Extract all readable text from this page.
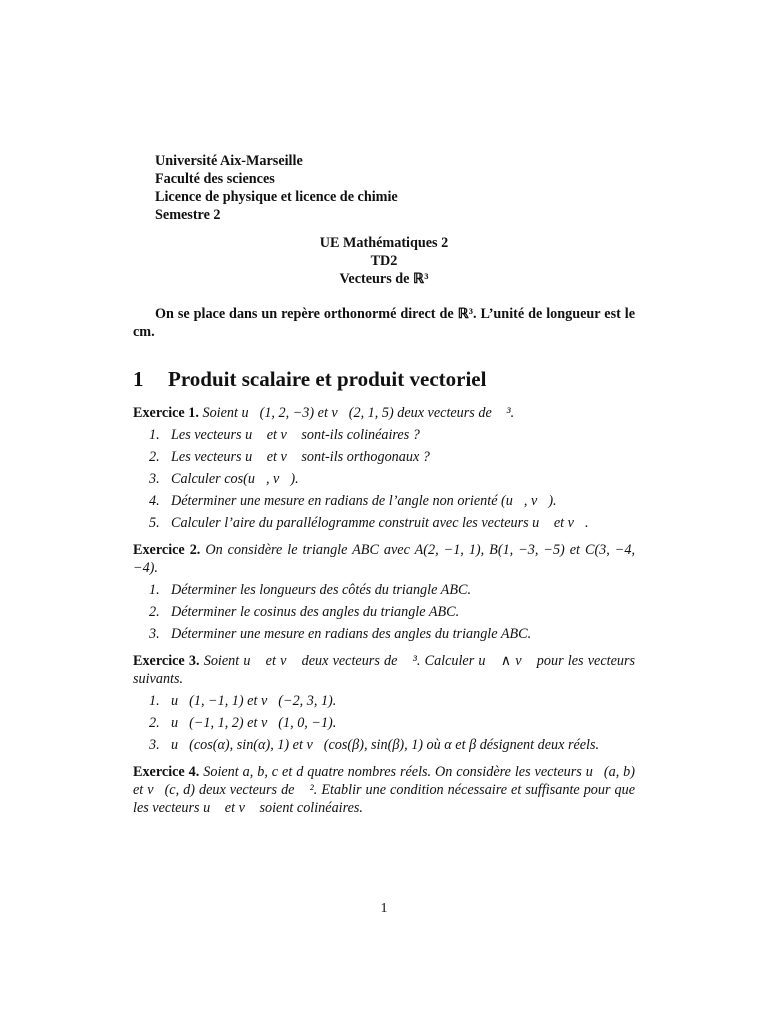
Université Aix-Marseille
Faculté des sciences
Licence de physique et licence de chimie
Semestre 2
UE Mathématiques 2
TD2
Vecteurs de ℝ³
On se place dans un repère orthonormé direct de ℝ³. L’unité de longueur est le cm.
1 Produit scalaire et produit vectoriel
Exercice 1. Soient u⃗(1, 2, −3) et v⃗(2, 1, 5) deux vecteurs de ℝ³.
1. Les vecteurs u⃗ et v⃗ sont-ils colinéaires ?
2. Les vecteurs u⃗ et v⃗ sont-ils orthogonaux ?
3. Calculer cos(u⃗, v⃗).
4. Déterminer une mesure en radians de l’angle non orienté (u⃗, v⃗).
5. Calculer l’aire du parallélogramme construit avec les vecteurs u⃗ et v⃗.
Exercice 2. On considère le triangle ABC avec A(2, −1, 1), B(1, −3, −5) et C(3, −4, −4).
1. Déterminer les longueurs des côtés du triangle ABC.
2. Déterminer le cosinus des angles du triangle ABC.
3. Déterminer une mesure en radians des angles du triangle ABC.
Exercice 3. Soient u⃗ et v⃗ deux vecteurs de ℝ³. Calculer u⃗ ∧ v⃗ pour les vecteurs suivants.
1. u⃗(1, −1, 1) et v⃗(−2, 3, 1).
2. u⃗(−1, 1, 2) et v⃗(1, 0, −1).
3. u⃗(cos(α), sin(α), 1) et v⃗(cos(β), sin(β), 1) où α et β désignent deux réels.
Exercice 4. Soient a, b, c et d quatre nombres réels. On considère les vecteurs u⃗(a, b) et v⃗(c, d) deux vecteurs de ℝ². Etablir une condition nécessaire et suffisante pour que les vecteurs u⃗ et v⃗ soient colinéaires.
1
